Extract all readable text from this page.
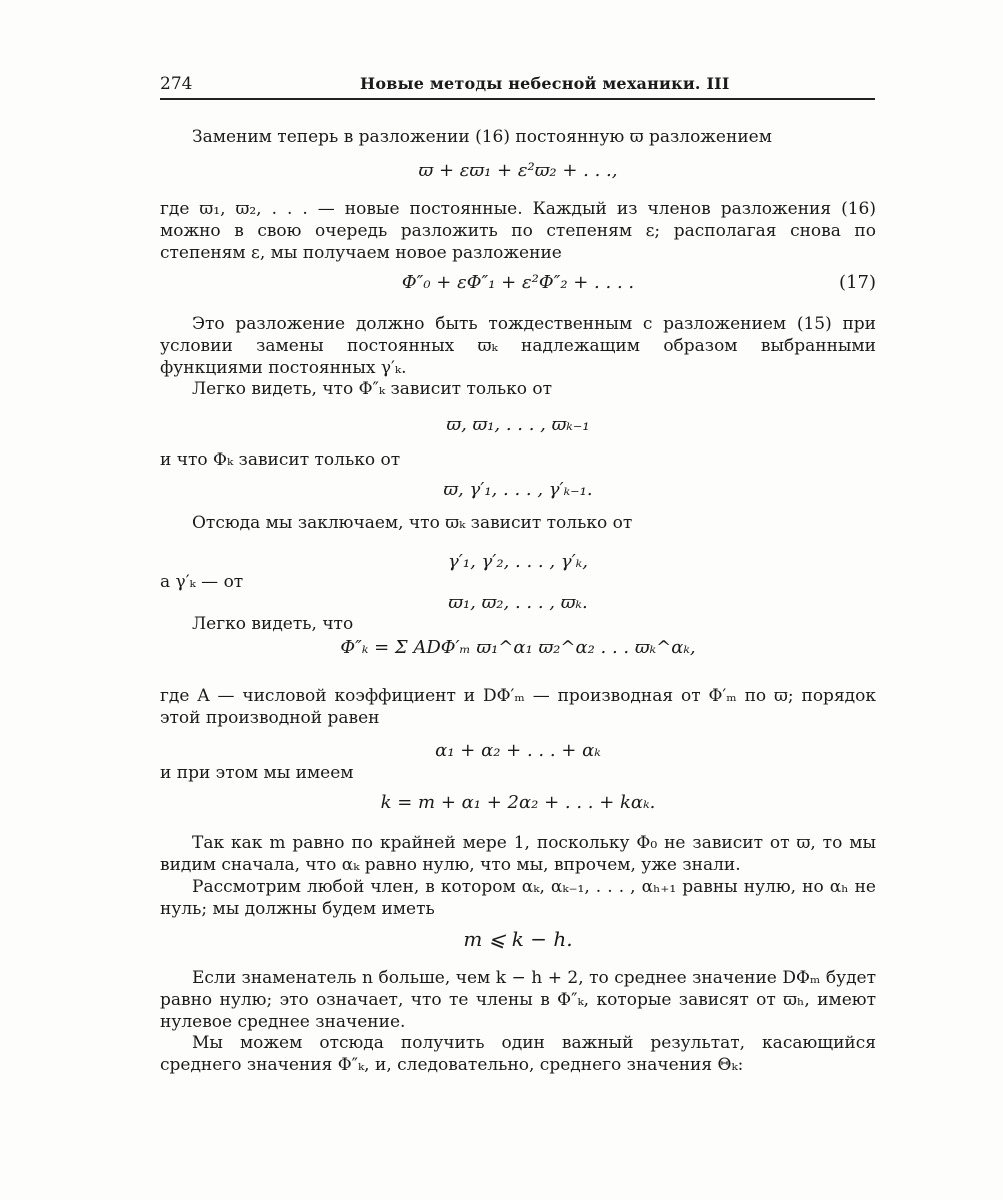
274	Новые методы небесной механики. III

Заменим теперь в разложении (16) постоянную ϖ разложением

ϖ + εϖ₁ + ε²ϖ₂ + . . .,

где ϖ₁, ϖ₂, . . . — новые постоянные. Каждый из членов разложения (16) можно в свою очередь разложить по степеням ε; располагая снова по степеням ε, мы получаем новое разложение

Φ″₀ + εΦ″₁ + ε²Φ″₂ + . . . .	(17)

Это разложение должно быть тождественным с разложением (15) при условии замены постоянных ϖₖ надлежащим образом выбранными функциями постоянных γ′ₖ.

Легко видеть, что Φ″ₖ зависит только от

ϖ, ϖ₁, . . . , ϖₖ₋₁

и что Φₖ зависит только от

ϖ, γ′₁, . . . , γ′ₖ₋₁.

Отсюда мы заключаем, что ϖₖ зависит только от

γ′₁, γ′₂, . . . , γ′ₖ,
а γ′ₖ — от
ϖ₁, ϖ₂, . . . , ϖₖ.
Легко видеть, что
Φ″ₖ = Σ ADΦ′ₘ ϖ₁^α₁ ϖ₂^α₂ . . . ϖₖ^αₖ,

где A — числовой коэффициент и DΦ′ₘ — производная от Φ′ₘ по ϖ; порядок этой производной равен

α₁ + α₂ + . . . + αₖ

и при этом мы имеем

k = m + α₁ + 2α₂ + . . . + kαₖ.

Так как m равно по крайней мере 1, поскольку Φ₀ не зависит от ϖ, то мы видим сначала, что αₖ равно нулю, что мы, впрочем, уже знали.

Рассмотрим любой член, в котором αₖ, αₖ₋₁, . . . , αₕ₊₁ равны нулю, но αₕ не нуль; мы должны будем иметь

m ⩽ k − h.

Если знаменатель n больше, чем k − h + 2, то среднее значение DΦₘ будет равно нулю; это означает, что те члены в Φ″ₖ, которые зависят от ϖₕ, имеют нулевое среднее значение.

Мы можем отсюда получить один важный результат, касающийся среднего значения Φ″ₖ, и, следовательно, среднего значения Θₖ:
